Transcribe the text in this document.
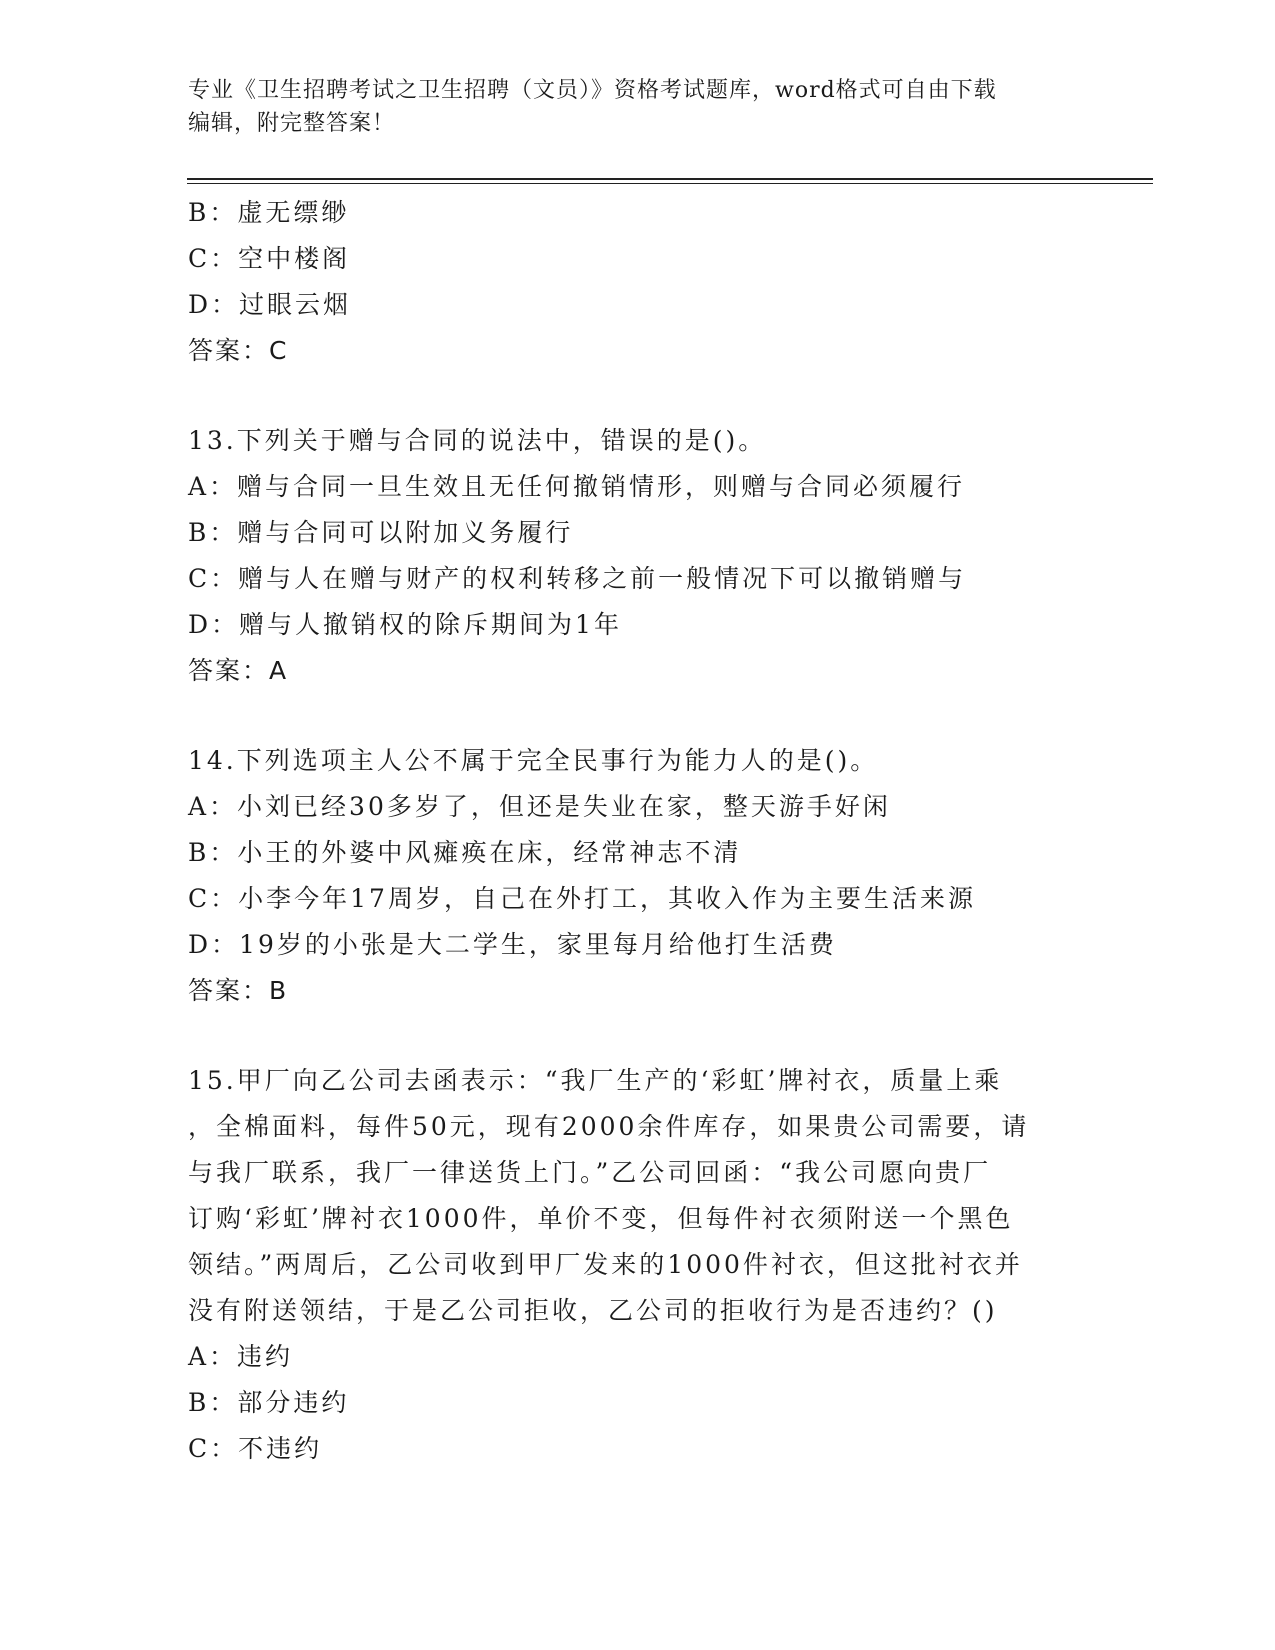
专业《卫生招聘考试之卫生招聘（文员）》资格考试题库，word格式可自由下载
编辑，附完整答案！
B：虚无缥缈
C：空中楼阁
D：过眼云烟
答案：C
13.下列关于赠与合同的说法中，错误的是()。
A：赠与合同一旦生效且无任何撤销情形，则赠与合同必须履行
B：赠与合同可以附加义务履行
C：赠与人在赠与财产的权利转移之前一般情况下可以撤销赠与
D：赠与人撤销权的除斥期间为1年
答案：A
14.下列选项主人公不属于完全民事行为能力人的是()。
A：小刘已经30多岁了，但还是失业在家，整天游手好闲
B：小王的外婆中风瘫痪在床，经常神志不清
C：小李今年17周岁，自己在外打工，其收入作为主要生活来源
D：19岁的小张是大二学生，家里每月给他打生活费
答案：B
15.甲厂向乙公司去函表示：“我厂生产的‘彩虹’牌衬衣，质量上乘
，全棉面料，每件50元，现有2000余件库存，如果贵公司需要，请
与我厂联系，我厂一律送货上门。”乙公司回函：“我公司愿向贵厂
订购‘彩虹’牌衬衣1000件，单价不变，但每件衬衣须附送一个黑色
领结。”两周后，乙公司收到甲厂发来的1000件衬衣，但这批衬衣并
没有附送领结，于是乙公司拒收，乙公司的拒收行为是否违约？()
A：违约
B：部分违约
C：不违约
